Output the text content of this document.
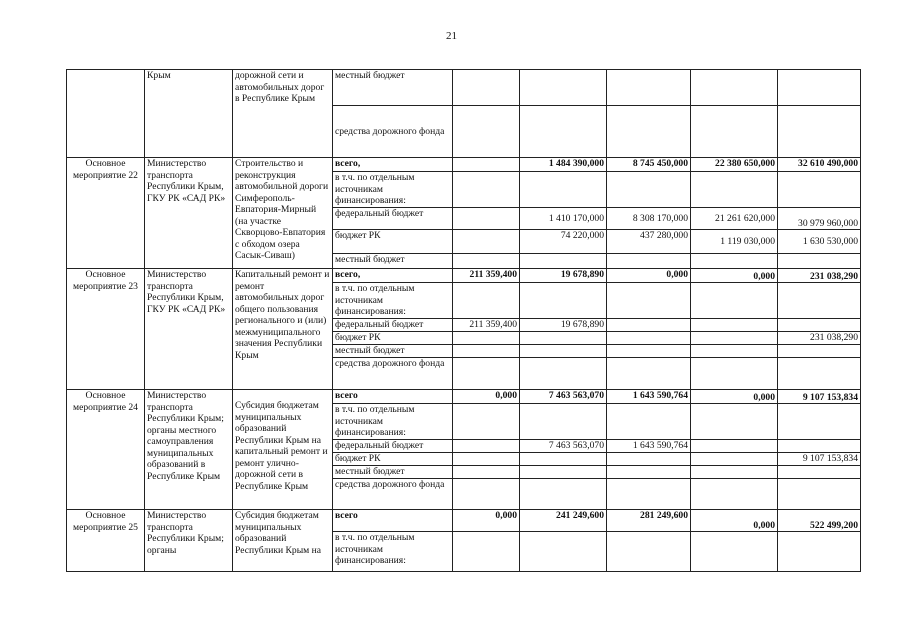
21
	Крым	дорожной сети и автомобильных дорог в Республике Крым	местный бюджет					
			средства дорожного фонда					
Основное мероприятие 22	Министерство транспорта Республики Крым, ГКУ РК «САД РК»	Строительство и реконструкция автомобильной дороги Симферополь-Евпатория-Мирный (на участке Скворцово-Евпатория с обходом озера Сасык-Сиваш)	всего,		1 484 390,000	8 745 450,000	22 380 650,000	32 610 490,000
			в т.ч. по отдельным источникам финансирования:					
			федеральный бюджет		1 410 170,000	8 308 170,000	21 261 620,000	30 979 960,000
			бюджет РК		74 220,000	437 280,000	1 119 030,000	1 630 530,000
			местный бюджет					
Основное мероприятие 23	Министерство транспорта Республики Крым, ГКУ РК «САД РК»	Капитальный ремонт и ремонт автомобильных дорог общего пользования регионального и (или) межмуниципального значения Республики Крым	всего,	211 359,400	19 678,890	0,000	0,000	231 038,290
			в т.ч. по отдельным источникам финансирования:					
			федеральный бюджет	211 359,400	19 678,890			
			бюджет РК					231 038,290
			местный бюджет					
			средства дорожного фонда					
Основное мероприятие 24	Министерство транспорта Республики Крым; органы местного самоуправления муниципальных образований в Республике Крым	Субсидия бюджетам муниципальных образований Республики Крым на капитальный ремонт и ремонт улично-дорожной сети в Республике Крым	всего	0,000	7 463 563,070	1 643 590,764	0,000	9 107 153,834
			в т.ч. по отдельным источникам финансирования:					
			федеральный бюджет		7 463 563,070	1 643 590,764		
			бюджет РК					9 107 153,834
			местный бюджет					
			средства дорожного фонда					
Основное мероприятие 25	Министерство транспорта Республики Крым; органы	Субсидия бюджетам муниципальных образований Республики Крым на	всего	0,000	241 249,600	281 249,600	0,000	522 499,200
			в т.ч. по отдельным источникам финансирования:					
